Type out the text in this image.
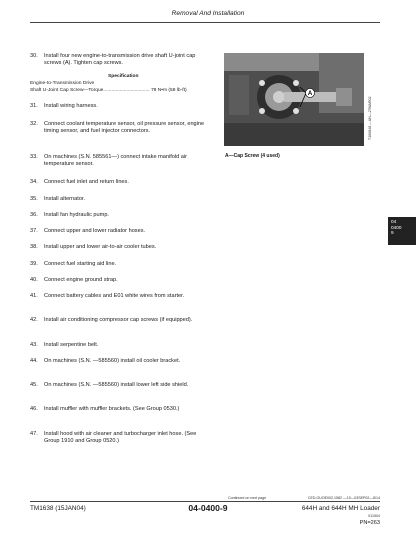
Removal And Installation
30. Install four new engine-to-transmission drive shaft U-joint cap screws (A). Tighten cap screws.
Specification
Engine-to-Transmission Drive
Shaft U-Joint Cap Screw—Torque.................................. 78 N•m (58 lb-ft)
31. Install wiring harness.
32. Connect coolant temperature sensor, oil pressure sensor, engine timing sensor, and fuel injector connectors.
33. On machines (S.N. 585561—) connect intake manifold air temperature sensor.
34. Connect fuel inlet and return lines.
35. Install alternator.
36. Install fan hydraulic pump.
37. Connect upper and lower radiator hoses.
38. Install upper and lower air-to-air cooler tubes.
39. Connect fuel starting aid line.
40. Connect engine ground strap.
41. Connect battery cables and E01 white wires from starter.
42. Install air conditioning compressor cap screws (if equipped).
43. Install serpentine belt.
44. On machines (S.N. —585560) install oil cooler bracket.
45. On machines (S.N. —585560) install lower left side shield.
46. Install muffler with muffler brackets. (See Group 0530.)
47. Install hood with air cleaner and turbocharger inlet hose. (See Group 1910 and Group 0520.)
A
T160848 —UN—27MAR02
A—Cap Screw (4 used)
04
0400
9
Continued on next page	CED,OUOE002,1582 —19—03SEP02—8/14
TM1638 (15JAN04)	04-0400-9	644H and 644H MH Loader
011504
PN=263
